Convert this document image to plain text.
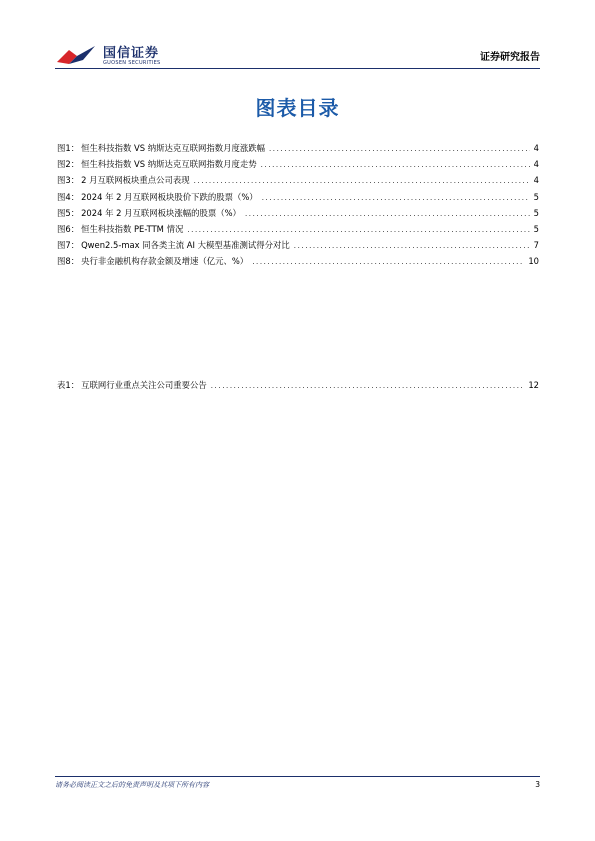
国信证券
GUOSEN SECURITIES	证券研究报告
图表目录
图1： 恒生科技指数 VS 纳斯达克互联网指数月度涨跌幅 .....	4
图2： 恒生科技指数 VS 纳斯达克互联网指数月度走势 .....	4
图3： 2 月互联网板块重点公司表现 .....	4
图4： 2024 年 2 月互联网板块股价下跌的股票（%） .....	5
图5： 2024 年 2 月互联网板块涨幅的股票（%） .....	5
图6： 恒生科技指数 PE-TTM 情况 .....	5
图7： Qwen2.5-max 同各类主流 AI 大模型基准测试得分对比 .....	7
图8： 央行非金融机构存款金额及增速（亿元、%） .....	10
表1： 互联网行业重点关注公司重要公告 .....	12
请务必阅读正文之后的免责声明及其项下所有内容	3
